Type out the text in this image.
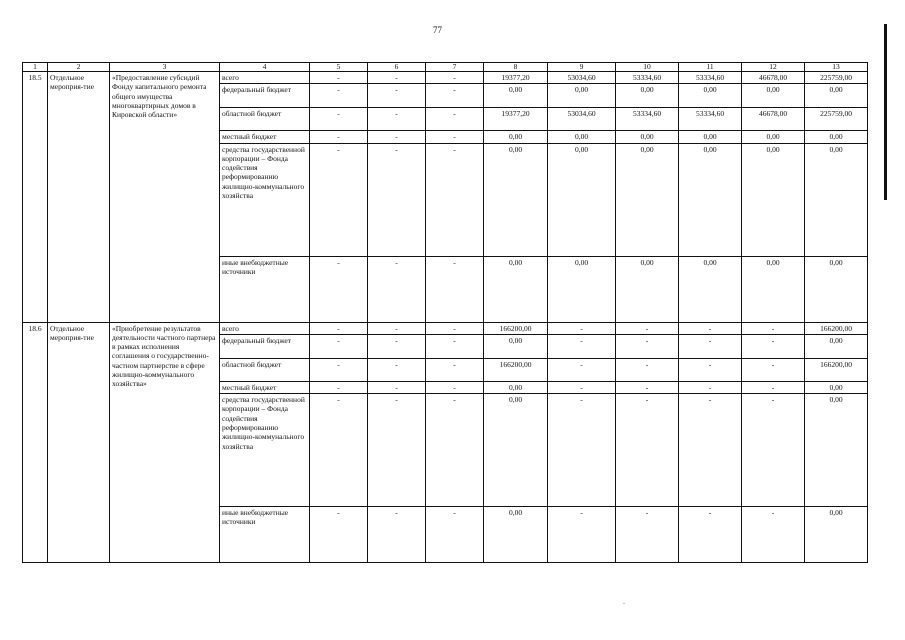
77
1	2	3	4	5	6	7	8	9	10	11	12	13
18.5	Отдельное мероприя-тие	«Предоставление субсидий Фонду капитального ремонта общего имущества многоквартирных домов в Кировской области»	всего	-	-	-	19377,20	53034,60	53334,60	53334,60	46678,00	225759,00
			федеральный бюджет	-	-	-	0,00	0,00	0,00	0,00	0,00	0,00
			областной бюджет	-	-	-	19377,20	53034,60	53334,60	53334,60	46678,00	225759,00
			местный бюджет	-	-	-	0,00	0,00	0,00	0,00	0,00	0,00
			средства государственной корпорации – Фонда содействия реформированию жилищно-коммунального хозяйства	-	-	-	0,00	0,00	0,00	0,00	0,00	0,00
			иные внебюджетные источники	-	-	-	0,00	0,00	0,00	0,00	0,00	0,00
18.6	Отдельное мероприя-тие	«Приобретение результатов деятельности частного партнера в рамках исполнения соглашения о государственно-частном партнерстве в сфере жилищно-коммунального хозяйства»	всего	-	-	-	166200,00	-	-	-	-	166200,00
			федеральный бюджет	-	-	-	0,00	-	-	-	-	0,00
			областной бюджет	-	-	-	166200,00	-	-	-	-	166200,00
			местный бюджет	-	-	-	0,00	-	-	-	-	0,00
			средства государственной корпорации – Фонда содействия реформированию жилищно-коммунального хозяйства	-	-	-	0,00	-	-	-	-	0,00
			иные внебюджетные источники	-	-	-	0,00	-	-	-	-	0,00
